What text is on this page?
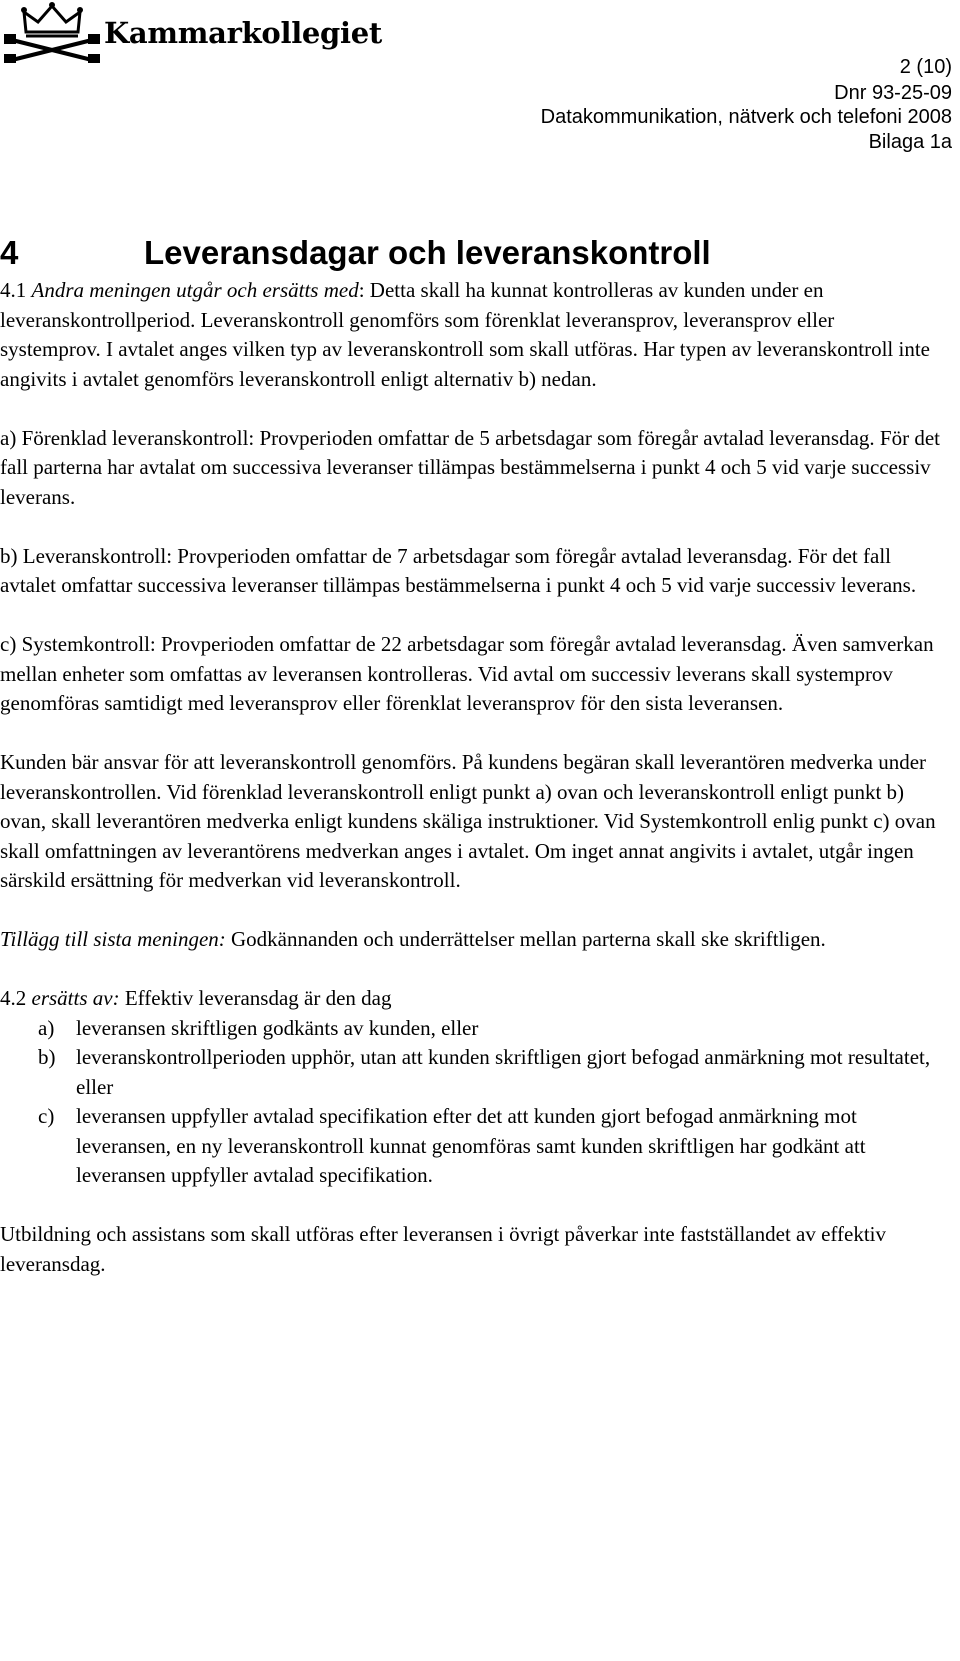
Kammarkollegiet
2 (10)
Dnr 93-25-09
Datakommunikation, nätverk och telefoni 2008
Bilaga 1a
4	Leveransdagar och leveranskontroll

4.1 Andra meningen utgår och ersätts med: Detta skall ha kunnat kontrolleras av kunden under en leveranskontrollperiod. Leveranskontroll genomförs som förenklat leveransprov, leveransprov eller systemprov. I avtalet anges vilken typ av leveranskontroll som skall utföras. Har typen av leveranskontroll inte angivits i avtalet genomförs leveranskontroll enligt alternativ b) nedan.

a) Förenklad leveranskontroll: Provperioden omfattar de 5 arbetsdagar som föregår avtalad leveransdag. För det fall parterna har avtalat om successiva leveranser tillämpas bestämmelserna i punkt 4 och 5 vid varje successiv leverans.

b) Leveranskontroll: Provperioden omfattar de 7 arbetsdagar som föregår avtalad leveransdag. För det fall avtalet omfattar successiva leveranser tillämpas bestämmelserna i punkt 4 och 5 vid varje successiv leverans.

c) Systemkontroll: Provperioden omfattar de 22 arbetsdagar som föregår avtalad leveransdag. Även samverkan mellan enheter som omfattas av leveransen kontrolleras. Vid avtal om successiv leverans skall systemprov genomföras samtidigt med leveransprov eller förenklat leveransprov för den sista leveransen.

Kunden bär ansvar för att leveranskontroll genomförs. På kundens begäran skall leverantören medverka under leveranskontrollen. Vid förenklad leveranskontroll enligt punkt a) ovan och leveranskontroll enligt punkt b) ovan, skall leverantören medverka enligt kundens skäliga instruktioner. Vid Systemkontroll enlig punkt c) ovan skall omfattningen av leverantörens medverkan anges i avtalet. Om inget annat angivits i avtalet, utgår ingen särskild ersättning för medverkan vid leveranskontroll.

Tillägg till sista meningen: Godkännanden och underrättelser mellan parterna skall ske skriftligen.

4.2 ersätts av: Effektiv leveransdag är den dag
a)	leveransen skriftligen godkänts av kunden, eller
b) leveranskontrollperioden upphör, utan att kunden skriftligen gjort befogad anmärkning mot resultatet, eller
c)	leveransen uppfyller avtalad specifikation efter det att kunden gjort befogad anmärkning mot leveransen, en ny leveranskontroll kunnat genomföras samt kunden skriftligen har godkänt att leveransen uppfyller avtalad specifikation.

Utbildning och assistans som skall utföras efter leveransen i övrigt påverkar inte fastställandet av effektiv leveransdag.
